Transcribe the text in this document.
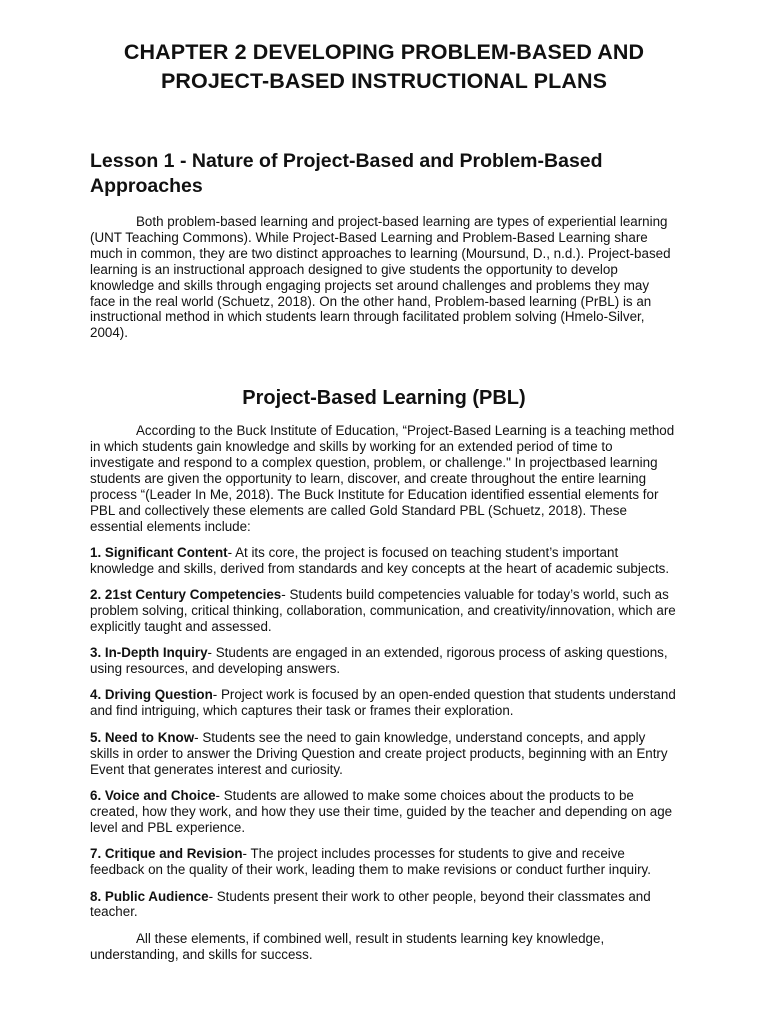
CHAPTER 2 DEVELOPING PROBLEM-BASED AND PROJECT-BASED INSTRUCTIONAL PLANS
Lesson 1 - Nature of Project-Based and Problem-Based Approaches

Both problem-based learning and project-based learning are types of experiential learning (UNT Teaching Commons). While Project-Based Learning and Problem-Based Learning share much in common, they are two distinct approaches to learning (Moursund, D., n.d.). Project-based learning is an instructional approach designed to give students the opportunity to develop knowledge and skills through engaging projects set around challenges and problems they may face in the real world (Schuetz, 2018). On the other hand, Problem-based learning (PrBL) is an instructional method in which students learn through facilitated problem solving (Hmelo-Silver, 2004).

Project-Based Learning (PBL)

According to the Buck Institute of Education, “Project-Based Learning is a teaching method in which students gain knowledge and skills by working for an extended period of time to investigate and respond to a complex question, problem, or challenge." In projectbased learning students are given the opportunity to learn, discover, and create throughout the entire learning process “(Leader In Me, 2018). The Buck Institute for Education identified essential elements for PBL and collectively these elements are called Gold Standard PBL (Schuetz, 2018). These essential elements include:

1. Significant Content- At its core, the project is focused on teaching student’s important knowledge and skills, derived from standards and key concepts at the heart of academic subjects.
2. 21st Century Competencies- Students build competencies valuable for today’s world, such as problem solving, critical thinking, collaboration, communication, and creativity/innovation, which are explicitly taught and assessed.
3. In-Depth Inquiry- Students are engaged in an extended, rigorous process of asking questions, using resources, and developing answers.
4. Driving Question- Project work is focused by an open-ended question that students understand and find intriguing, which captures their task or frames their exploration.
5. Need to Know- Students see the need to gain knowledge, understand concepts, and apply skills in order to answer the Driving Question and create project products, beginning with an Entry Event that generates interest and curiosity.
6. Voice and Choice- Students are allowed to make some choices about the products to be created, how they work, and how they use their time, guided by the teacher and depending on age level and PBL experience.
7. Critique and Revision- The project includes processes for students to give and receive feedback on the quality of their work, leading them to make revisions or conduct further inquiry.
8. Public Audience- Students present their work to other people, beyond their classmates and teacher.

All these elements, if combined well, result in students learning key knowledge, understanding, and skills for success.
